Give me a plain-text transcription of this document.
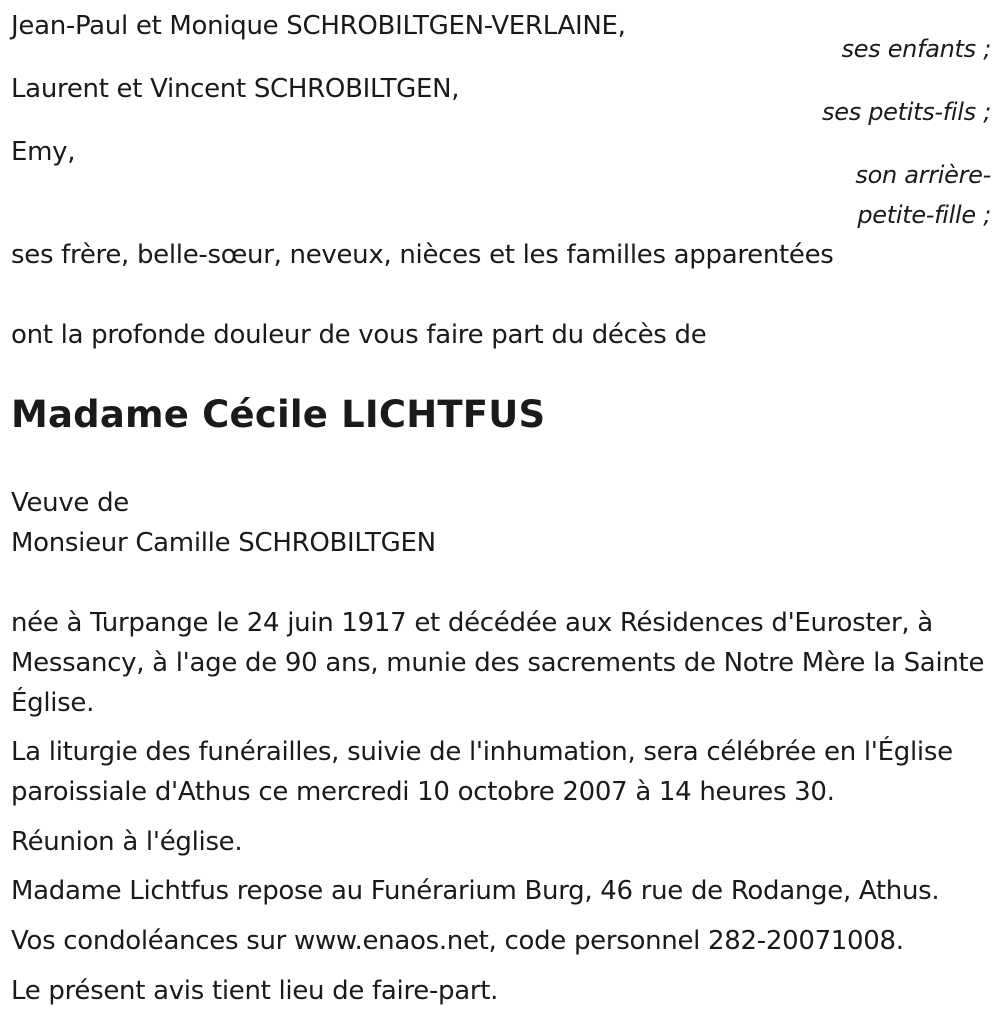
Jean-Paul et Monique SCHROBILTGEN-VERLAINE,
ses enfants ;
Laurent et Vincent SCHROBILTGEN,
ses petits-fils ;
Emy,
son arrière-
petite-fille ;
ses frère, belle-sœur, neveux, nièces et les familles apparentées
ont la profonde douleur de vous faire part du décès de
Madame Cécile LICHTFUS
Veuve de
Monsieur Camille SCHROBILTGEN
née à Turpange le 24 juin 1917 et décédée aux Résidences d'Euroster, à Messancy, à l'age de 90 ans, munie des sacrements de Notre Mère la Sainte Église.
La liturgie des funérailles, suivie de l'inhumation, sera célébrée en l'Église paroissiale d'Athus ce mercredi 10 octobre 2007 à 14 heures 30.
Réunion à l'église.
Madame Lichtfus repose au Funérarium Burg, 46 rue de Rodange, Athus.
Vos condoléances sur www.enaos.net, code personnel 282-20071008.
Le présent avis tient lieu de faire-part.
